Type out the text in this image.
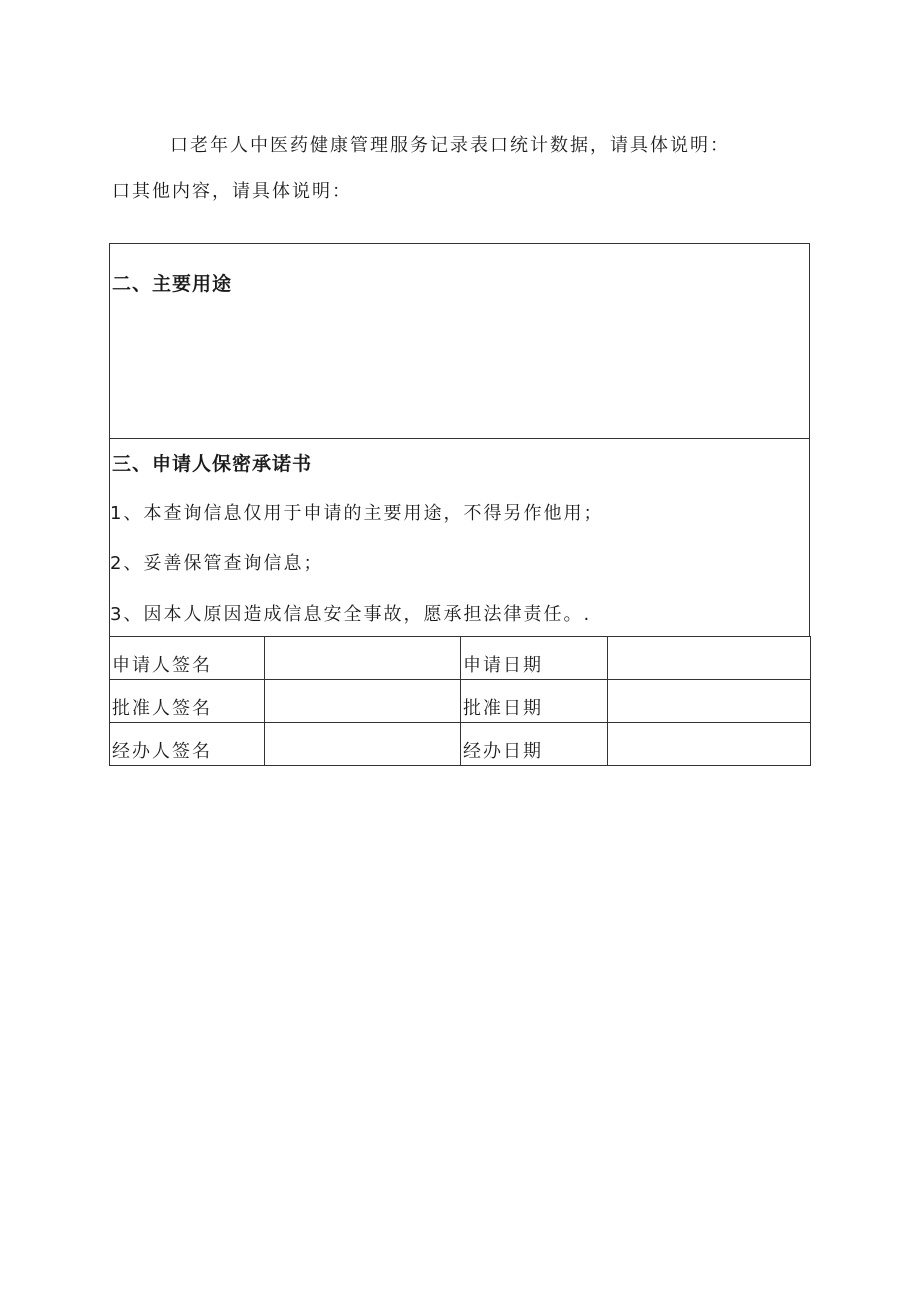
口老年人中医药健康管理服务记录表口统计数据，请具体说明：
口其他内容，请具体说明：
二、主要用途
三、申请人保密承诺书
1、本查询信息仅用于申请的主要用途，不得另作他用；
2、妥善保管查询信息；
3、因本人原因造成信息安全事故，愿承担法律责任。.
申请人签名		申请日期	
批准人签名		批准日期	
经办人签名		经办日期	
